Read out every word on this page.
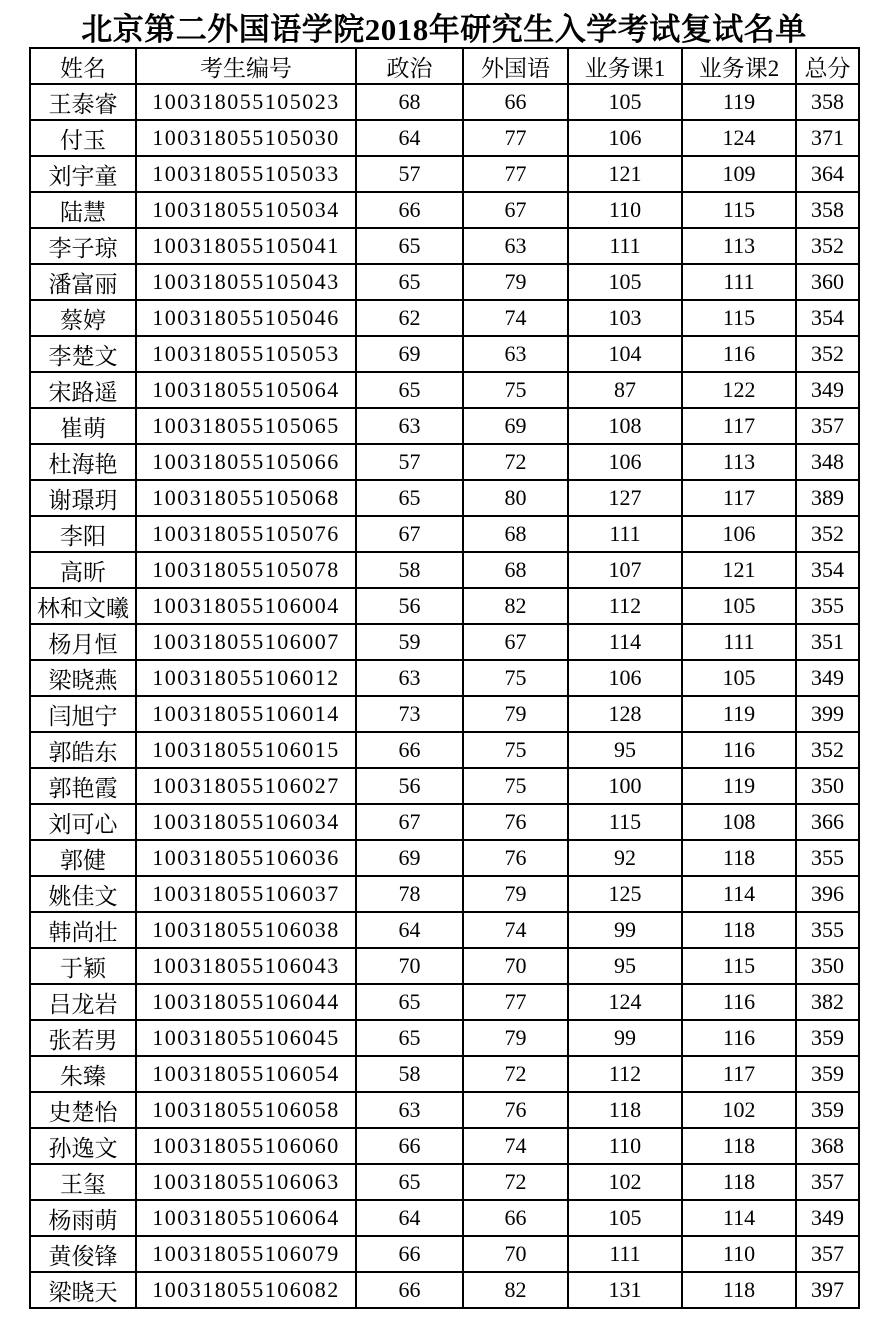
北京第二外国语学院2018年研究生入学考试复试名单
姓名	考生编号	政治	外国语	业务课1	业务课2	总分
王泰睿	100318055105023	68	66	105	119	358
付玉	100318055105030	64	77	106	124	371
刘宇童	100318055105033	57	77	121	109	364
陆慧	100318055105034	66	67	110	115	358
李子琼	100318055105041	65	63	111	113	352
潘富丽	100318055105043	65	79	105	111	360
蔡婷	100318055105046	62	74	103	115	354
李楚文	100318055105053	69	63	104	116	352
宋路遥	100318055105064	65	75	87	122	349
崔萌	100318055105065	63	69	108	117	357
杜海艳	100318055105066	57	72	106	113	348
谢璟玥	100318055105068	65	80	127	117	389
李阳	100318055105076	67	68	111	106	352
高昕	100318055105078	58	68	107	121	354
林和文曦	100318055106004	56	82	112	105	355
杨月恒	100318055106007	59	67	114	111	351
梁晓燕	100318055106012	63	75	106	105	349
闫旭宁	100318055106014	73	79	128	119	399
郭皓东	100318055106015	66	75	95	116	352
郭艳霞	100318055106027	56	75	100	119	350
刘可心	100318055106034	67	76	115	108	366
郭健	100318055106036	69	76	92	118	355
姚佳文	100318055106037	78	79	125	114	396
韩尚壮	100318055106038	64	74	99	118	355
于颖	100318055106043	70	70	95	115	350
吕龙岩	100318055106044	65	77	124	116	382
张若男	100318055106045	65	79	99	116	359
朱臻	100318055106054	58	72	112	117	359
史楚怡	100318055106058	63	76	118	102	359
孙逸文	100318055106060	66	74	110	118	368
王玺	100318055106063	65	72	102	118	357
杨雨萌	100318055106064	64	66	105	114	349
黄俊锋	100318055106079	66	70	111	110	357
梁晓天	100318055106082	66	82	131	118	397
